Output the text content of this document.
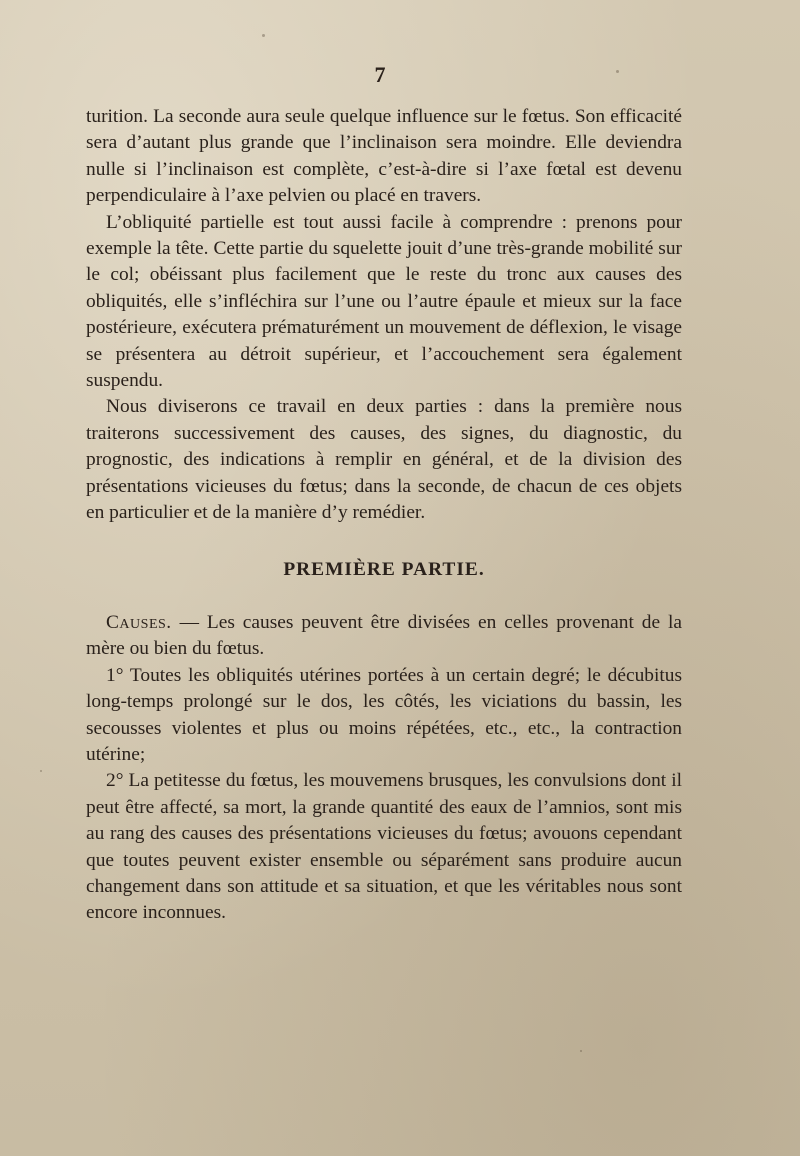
7

turition. La seconde aura seule quelque influence sur le fœtus. Son efficacité sera d’autant plus grande que l’inclinaison sera moindre. Elle deviendra nulle si l’inclinaison est complète, c’est-à-dire si l’axe fœtal est devenu perpendiculaire à l’axe pelvien ou placé en travers.

L’obliquité partielle est tout aussi facile à comprendre : prenons pour exemple la tête. Cette partie du squelette jouit d’une très-grande mobilité sur le col; obéissant plus facilement que le reste du tronc aux causes des obliquités, elle s’infléchira sur l’une ou l’autre épaule et mieux sur la face postérieure, exécutera prématurément un mouvement de déflexion, le visage se présentera au détroit supérieur, et l’accouchement sera également suspendu.

Nous diviserons ce travail en deux parties : dans la première nous traiterons successivement des causes, des signes, du diagnostic, du prognostic, des indications à remplir en général, et de la division des présentations vicieuses du fœtus; dans la seconde, de chacun de ces objets en particulier et de la manière d’y remédier.

PREMIÈRE PARTIE.

Causes. — Les causes peuvent être divisées en celles provenant de la mère ou bien du fœtus.

1° Toutes les obliquités utérines portées à un certain degré; le décubitus long-temps prolongé sur le dos, les côtés, les viciations du bassin, les secousses violentes et plus ou moins répétées, etc., etc., la contraction utérine;

2° La petitesse du fœtus, les mouvemens brusques, les convulsions dont il peut être affecté, sa mort, la grande quantité des eaux de l’amnios, sont mis au rang des causes des présentations vicieuses du fœtus; avouons cependant que toutes peuvent exister ensemble ou séparément sans produire aucun changement dans son attitude et sa situation, et que les véritables nous sont encore inconnues.
